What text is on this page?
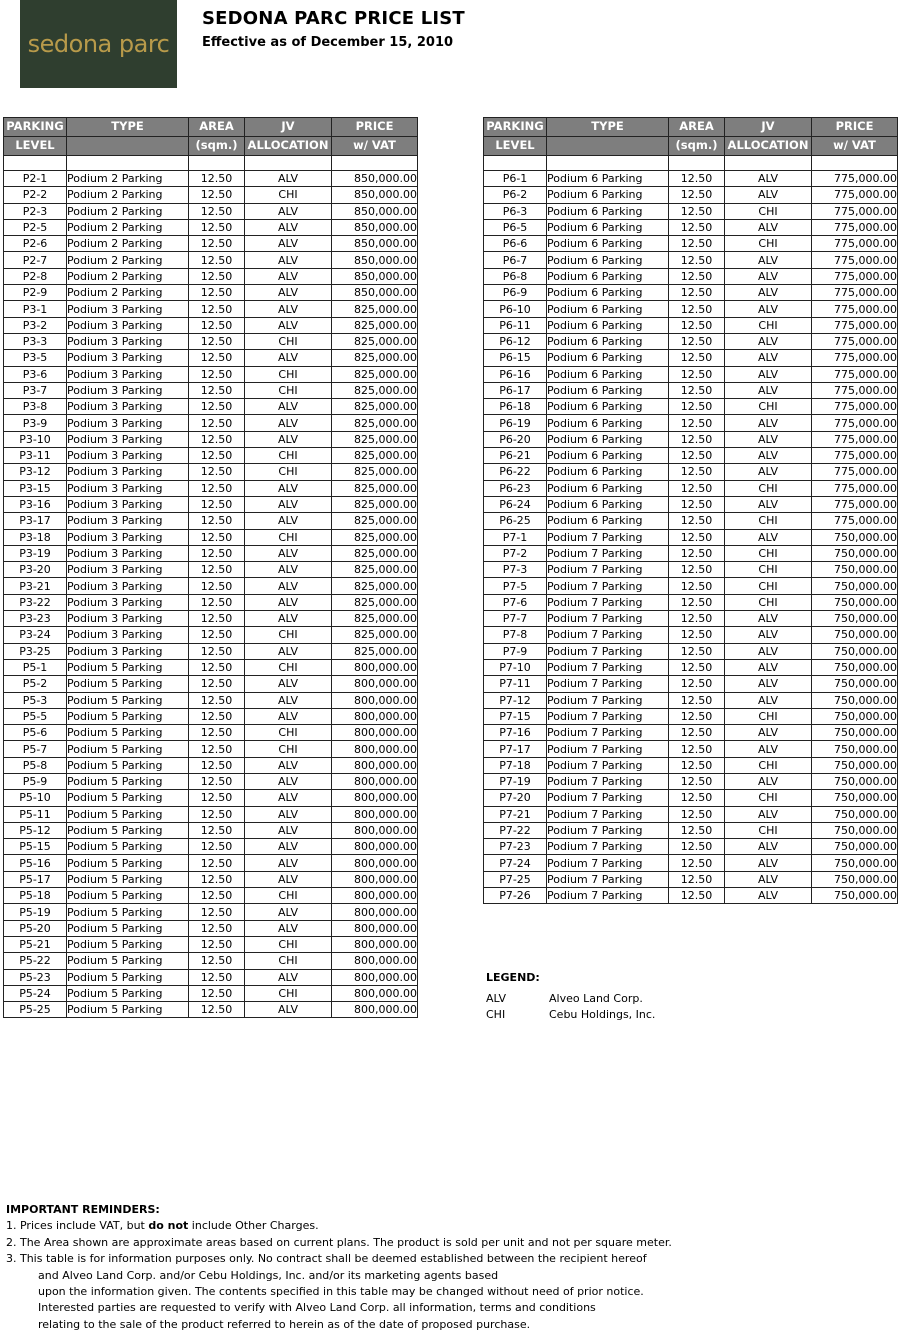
sedona parc
SEDONA PARC PRICE LIST
Effective as of December 15, 2010
PARKING	TYPE	AREA	JV	PRICE
LEVEL		(sqm.)	ALLOCATION	w/ VAT

P2-1	Podium 2 Parking	12.50	ALV	850,000.00
P2-2	Podium 2 Parking	12.50	CHI	850,000.00
P2-3	Podium 2 Parking	12.50	ALV	850,000.00
P2-5	Podium 2 Parking	12.50	ALV	850,000.00
P2-6	Podium 2 Parking	12.50	ALV	850,000.00
P2-7	Podium 2 Parking	12.50	ALV	850,000.00
P2-8	Podium 2 Parking	12.50	ALV	850,000.00
P2-9	Podium 2 Parking	12.50	ALV	850,000.00
P3-1	Podium 3 Parking	12.50	ALV	825,000.00
P3-2	Podium 3 Parking	12.50	ALV	825,000.00
P3-3	Podium 3 Parking	12.50	CHI	825,000.00
P3-5	Podium 3 Parking	12.50	ALV	825,000.00
P3-6	Podium 3 Parking	12.50	CHI	825,000.00
P3-7	Podium 3 Parking	12.50	CHI	825,000.00
P3-8	Podium 3 Parking	12.50	ALV	825,000.00
P3-9	Podium 3 Parking	12.50	ALV	825,000.00
P3-10	Podium 3 Parking	12.50	ALV	825,000.00
P3-11	Podium 3 Parking	12.50	CHI	825,000.00
P3-12	Podium 3 Parking	12.50	CHI	825,000.00
P3-15	Podium 3 Parking	12.50	ALV	825,000.00
P3-16	Podium 3 Parking	12.50	ALV	825,000.00
P3-17	Podium 3 Parking	12.50	ALV	825,000.00
P3-18	Podium 3 Parking	12.50	CHI	825,000.00
P3-19	Podium 3 Parking	12.50	ALV	825,000.00
P3-20	Podium 3 Parking	12.50	ALV	825,000.00
P3-21	Podium 3 Parking	12.50	ALV	825,000.00
P3-22	Podium 3 Parking	12.50	ALV	825,000.00
P3-23	Podium 3 Parking	12.50	ALV	825,000.00
P3-24	Podium 3 Parking	12.50	CHI	825,000.00
P3-25	Podium 3 Parking	12.50	ALV	825,000.00
P5-1	Podium 5 Parking	12.50	CHI	800,000.00
P5-2	Podium 5 Parking	12.50	ALV	800,000.00
P5-3	Podium 5 Parking	12.50	ALV	800,000.00
P5-5	Podium 5 Parking	12.50	ALV	800,000.00
P5-6	Podium 5 Parking	12.50	CHI	800,000.00
P5-7	Podium 5 Parking	12.50	CHI	800,000.00
P5-8	Podium 5 Parking	12.50	ALV	800,000.00
P5-9	Podium 5 Parking	12.50	ALV	800,000.00
P5-10	Podium 5 Parking	12.50	ALV	800,000.00
P5-11	Podium 5 Parking	12.50	ALV	800,000.00
P5-12	Podium 5 Parking	12.50	ALV	800,000.00
P5-15	Podium 5 Parking	12.50	ALV	800,000.00
P5-16	Podium 5 Parking	12.50	ALV	800,000.00
P5-17	Podium 5 Parking	12.50	ALV	800,000.00
P5-18	Podium 5 Parking	12.50	CHI	800,000.00
P5-19	Podium 5 Parking	12.50	ALV	800,000.00
P5-20	Podium 5 Parking	12.50	ALV	800,000.00
P5-21	Podium 5 Parking	12.50	CHI	800,000.00
P5-22	Podium 5 Parking	12.50	CHI	800,000.00
P5-23	Podium 5 Parking	12.50	ALV	800,000.00
P5-24	Podium 5 Parking	12.50	CHI	800,000.00
P5-25	Podium 5 Parking	12.50	ALV	800,000.00
PARKING	TYPE	AREA	JV	PRICE
LEVEL		(sqm.)	ALLOCATION	w/ VAT

P6-1	Podium 6 Parking	12.50	ALV	775,000.00
P6-2	Podium 6 Parking	12.50	ALV	775,000.00
P6-3	Podium 6 Parking	12.50	CHI	775,000.00
P6-5	Podium 6 Parking	12.50	ALV	775,000.00
P6-6	Podium 6 Parking	12.50	CHI	775,000.00
P6-7	Podium 6 Parking	12.50	ALV	775,000.00
P6-8	Podium 6 Parking	12.50	ALV	775,000.00
P6-9	Podium 6 Parking	12.50	ALV	775,000.00
P6-10	Podium 6 Parking	12.50	ALV	775,000.00
P6-11	Podium 6 Parking	12.50	CHI	775,000.00
P6-12	Podium 6 Parking	12.50	ALV	775,000.00
P6-15	Podium 6 Parking	12.50	ALV	775,000.00
P6-16	Podium 6 Parking	12.50	ALV	775,000.00
P6-17	Podium 6 Parking	12.50	ALV	775,000.00
P6-18	Podium 6 Parking	12.50	CHI	775,000.00
P6-19	Podium 6 Parking	12.50	ALV	775,000.00
P6-20	Podium 6 Parking	12.50	ALV	775,000.00
P6-21	Podium 6 Parking	12.50	ALV	775,000.00
P6-22	Podium 6 Parking	12.50	ALV	775,000.00
P6-23	Podium 6 Parking	12.50	CHI	775,000.00
P6-24	Podium 6 Parking	12.50	ALV	775,000.00
P6-25	Podium 6 Parking	12.50	CHI	775,000.00
P7-1	Podium 7 Parking	12.50	ALV	750,000.00
P7-2	Podium 7 Parking	12.50	CHI	750,000.00
P7-3	Podium 7 Parking	12.50	CHI	750,000.00
P7-5	Podium 7 Parking	12.50	CHI	750,000.00
P7-6	Podium 7 Parking	12.50	CHI	750,000.00
P7-7	Podium 7 Parking	12.50	ALV	750,000.00
P7-8	Podium 7 Parking	12.50	ALV	750,000.00
P7-9	Podium 7 Parking	12.50	ALV	750,000.00
P7-10	Podium 7 Parking	12.50	ALV	750,000.00
P7-11	Podium 7 Parking	12.50	ALV	750,000.00
P7-12	Podium 7 Parking	12.50	ALV	750,000.00
P7-15	Podium 7 Parking	12.50	CHI	750,000.00
P7-16	Podium 7 Parking	12.50	ALV	750,000.00
P7-17	Podium 7 Parking	12.50	ALV	750,000.00
P7-18	Podium 7 Parking	12.50	CHI	750,000.00
P7-19	Podium 7 Parking	12.50	ALV	750,000.00
P7-20	Podium 7 Parking	12.50	CHI	750,000.00
P7-21	Podium 7 Parking	12.50	ALV	750,000.00
P7-22	Podium 7 Parking	12.50	CHI	750,000.00
P7-23	Podium 7 Parking	12.50	ALV	750,000.00
P7-24	Podium 7 Parking	12.50	ALV	750,000.00
P7-25	Podium 7 Parking	12.50	ALV	750,000.00
P7-26	Podium 7 Parking	12.50	ALV	750,000.00
LEGEND:
ALV	Alveo Land Corp.
CHI	Cebu Holdings, Inc.
IMPORTANT REMINDERS:
1. Prices include VAT, but do not include Other Charges.
2. The Area shown are approximate areas based on current plans. The product is sold per unit and not per square meter.
3. This table is for information purposes only. No contract shall be deemed established between the recipient hereof
and Alveo Land Corp. and/or Cebu Holdings, Inc. and/or its marketing agents based
upon the information given. The contents specified in this table may be changed without need of prior notice.
Interested parties are requested to verify with Alveo Land Corp. all information, terms and conditions
relating to the sale of the product referred to herein as of the date of proposed purchase.
